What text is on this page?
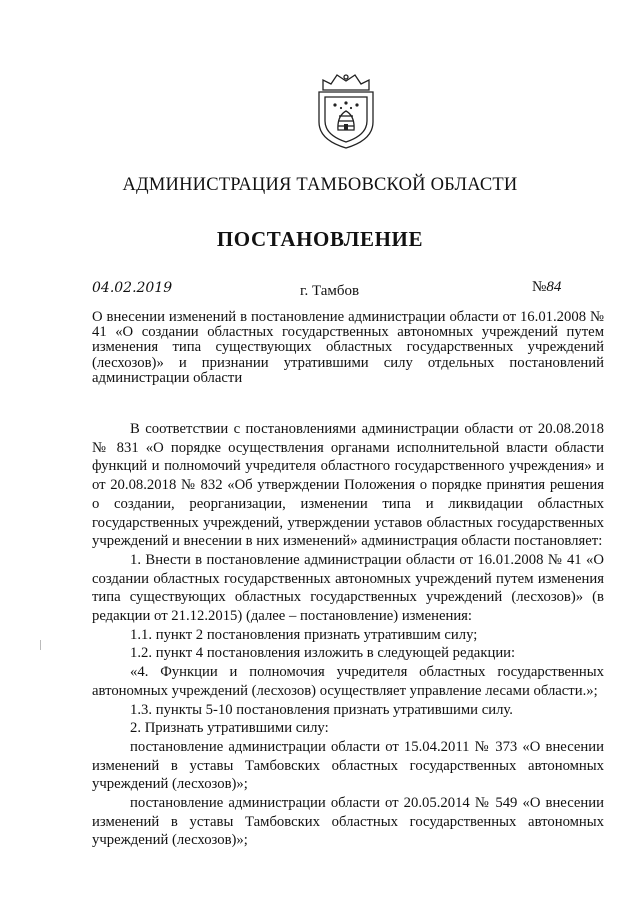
АДМИНИСТРАЦИЯ ТАМБОВСКОЙ ОБЛАСТИ
ПОСТАНОВЛЕНИЕ
04.02.2019	г. Тамбов	№84
О внесении изменений в постановление администрации области от 16.01.2008 № 41 «О создании областных государственных автономных учреждений путем изменения типа существующих областных государственных учреждений (лесхозов)» и признании утратившими силу отдельных постановлений администрации области

В соответствии с постановлениями администрации области от 20.08.2018 № 831 «О порядке осуществления органами исполнительной власти области функций и полномочий учредителя областного государственного учреждения» и от 20.08.2018 № 832 «Об утверждении Положения о порядке принятия решения о создании, реорганизации, изменении типа и ликвидации областных государственных учреждений, утверждении уставов областных государственных учреждений и внесении в них изменений» администрация области постановляет:

1. Внести в постановление администрации области от 16.01.2008 № 41 «О создании областных государственных автономных учреждений путем изменения типа существующих областных государственных учреждений (лесхозов)» (в редакции от 21.12.2015) (далее – постановление) изменения:

1.1. пункт 2 постановления признать утратившим силу;

1.2. пункт 4 постановления изложить в следующей редакции:

«4. Функции и полномочия учредителя областных государственных автономных учреждений (лесхозов) осуществляет управление лесами области.»;

1.3. пункты 5-10 постановления признать утратившими силу.

2. Признать утратившими силу:

постановление администрации области от 15.04.2011 № 373 «О внесении изменений в уставы Тамбовских областных государственных автономных учреждений (лесхозов)»;

постановление администрации области от 20.05.2014 № 549 «О внесении изменений в уставы Тамбовских областных государственных автономных учреждений (лесхозов)»;
